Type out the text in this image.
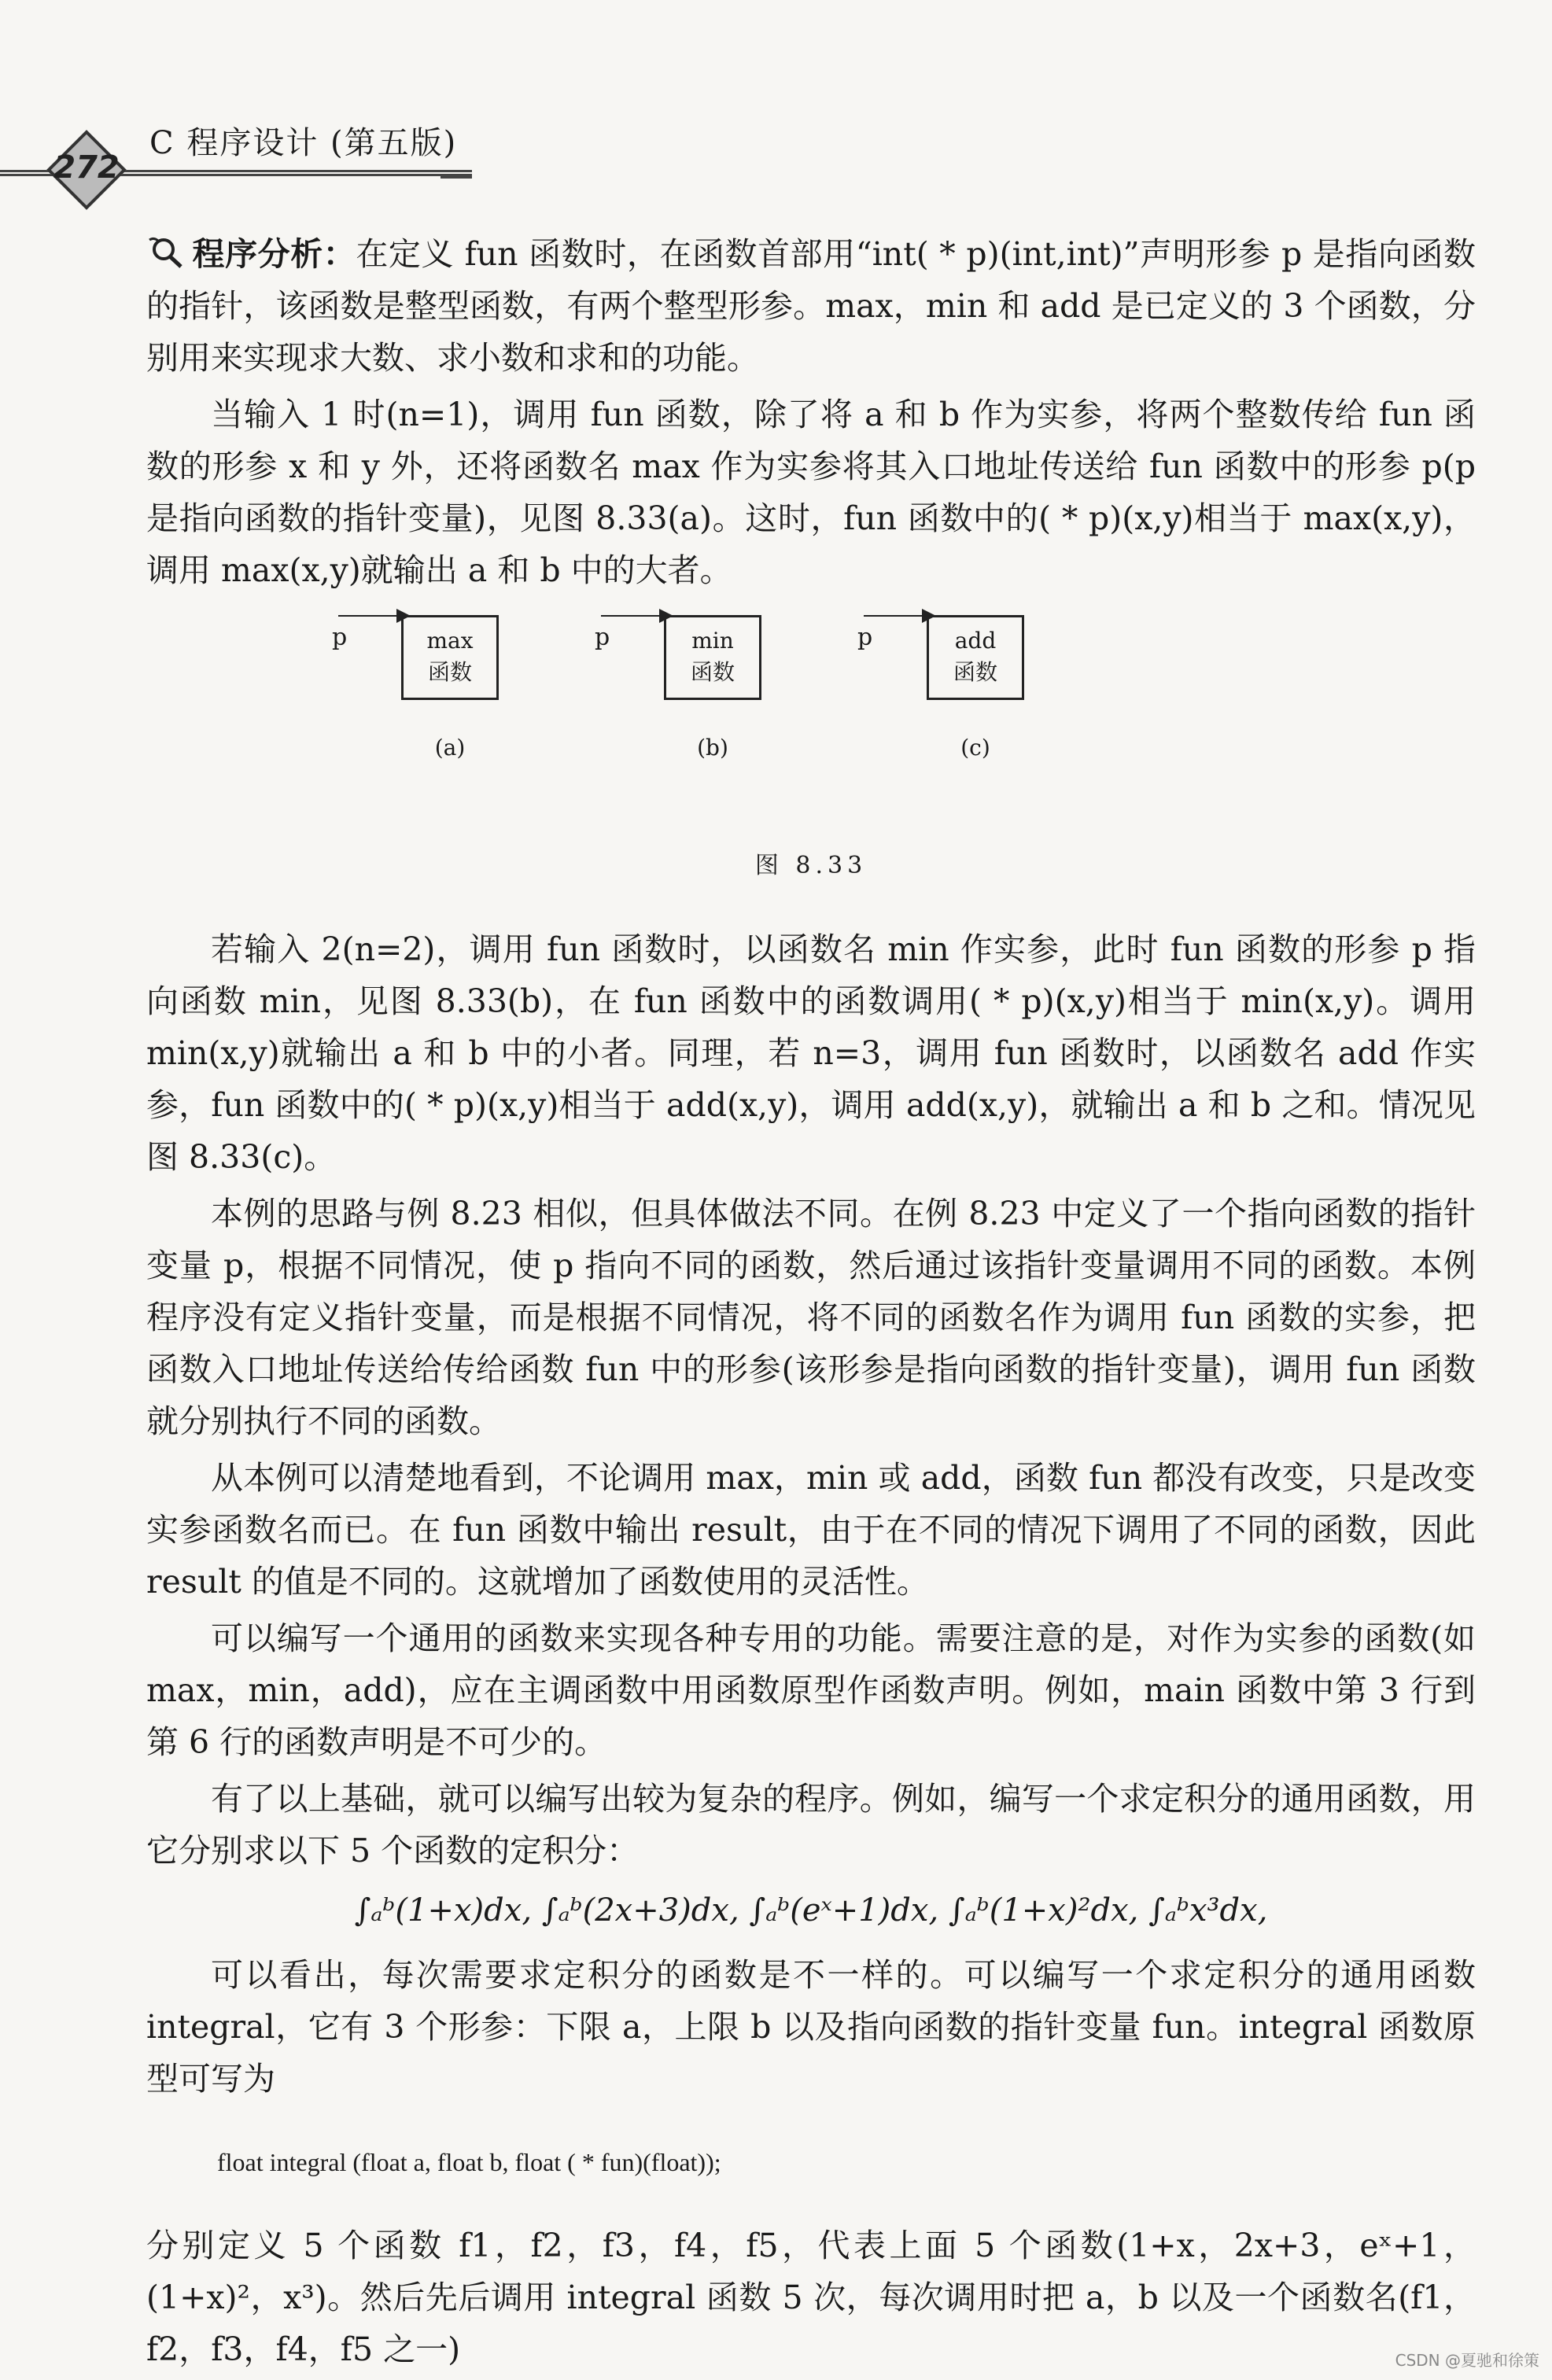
272
C 程序设计 (第五版)

程序分析：在定义 fun 函数时，在函数首部用“int( * p)(int,int)”声明形参 p 是指向函数的指针，该函数是整型函数，有两个整型形参。max，min 和 add 是已定义的 3 个函数，分别用来实现求大数、求小数和求和的功能。

当输入 1 时(n=1)，调用 fun 函数，除了将 a 和 b 作为实参，将两个整数传给 fun 函数的形参 x 和 y 外，还将函数名 max 作为实参将其入口地址传送给 fun 函数中的形参 p(p 是指向函数的指针变量)，见图 8.33(a)。这时，fun 函数中的( * p)(x,y)相当于 max(x,y)，调用 max(x,y)就输出 a 和 b 中的大者。

p	max
函数
(a)
p	min
函数
(b)
p	add
函数
(c)
图 8.33

若输入 2(n=2)，调用 fun 函数时，以函数名 min 作实参，此时 fun 函数的形参 p 指向函数 min，见图 8.33(b)，在 fun 函数中的函数调用( * p)(x,y)相当于 min(x,y)。调用 min(x,y)就输出 a 和 b 中的小者。同理，若 n=3，调用 fun 函数时，以函数名 add 作实参，fun 函数中的( * p)(x,y)相当于 add(x,y)，调用 add(x,y)，就输出 a 和 b 之和。情况见图 8.33(c)。

本例的思路与例 8.23 相似，但具体做法不同。在例 8.23 中定义了一个指向函数的指针变量 p，根据不同情况，使 p 指向不同的函数，然后通过该指针变量调用不同的函数。本例程序没有定义指针变量，而是根据不同情况，将不同的函数名作为调用 fun 函数的实参，把函数入口地址传送给传给函数 fun 中的形参(该形参是指向函数的指针变量)，调用 fun 函数就分别执行不同的函数。

从本例可以清楚地看到，不论调用 max，min 或 add，函数 fun 都没有改变，只是改变实参函数名而已。在 fun 函数中输出 result，由于在不同的情况下调用了不同的函数，因此 result 的值是不同的。这就增加了函数使用的灵活性。

可以编写一个通用的函数来实现各种专用的功能。需要注意的是，对作为实参的函数(如 max，min，add)，应在主调函数中用函数原型作函数声明。例如，main 函数中第 3 行到第 6 行的函数声明是不可少的。

有了以上基础，就可以编写出较为复杂的程序。例如，编写一个求定积分的通用函数，用它分别求以下 5 个函数的定积分：

∫ₐᵇ(1+x)dx, ∫ₐᵇ(2x+3)dx, ∫ₐᵇ(eˣ+1)dx, ∫ₐᵇ(1+x)²dx, ∫ₐᵇx³dx,

可以看出，每次需要求定积分的函数是不一样的。可以编写一个求定积分的通用函数 integral，它有 3 个形参：下限 a，上限 b 以及指向函数的指针变量 fun。integral 函数原型可写为

float integral (float a, float b, float ( * fun)(float));

分别定义 5 个函数 f1，f2，f3，f4，f5，代表上面 5 个函数(1+x，2x+3，eˣ+1，(1+x)²，x³)。然后先后调用 integral 函数 5 次，每次调用时把 a，b 以及一个函数名(f1，f2，f3，f4，f5 之一)	CSDN @夏驰和徐策
